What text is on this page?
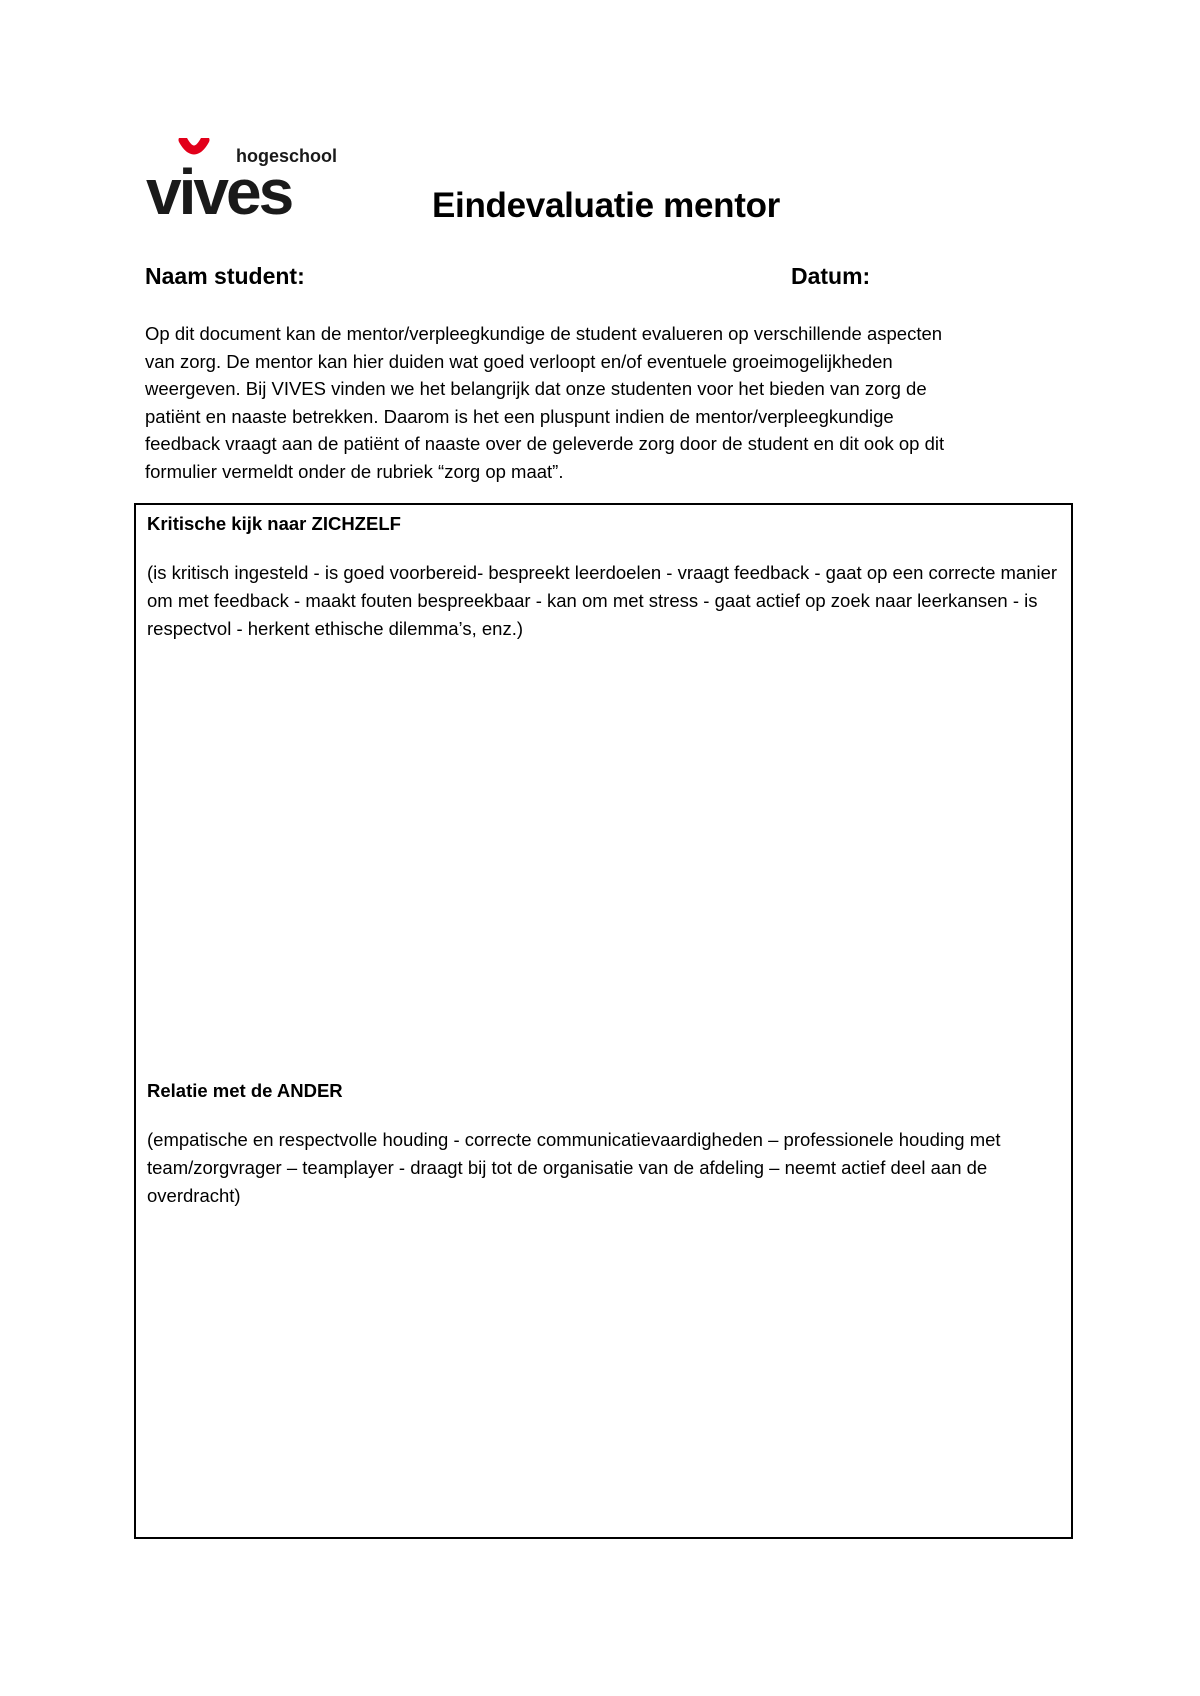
hogeschool
vives	Eindevaluatie mentor
Naam student:	Datum:
Op dit document kan de mentor/verpleegkundige de student evalueren op verschillende aspecten
van zorg. De mentor kan hier duiden wat goed verloopt en/of eventuele groeimogelijkheden
weergeven. Bij VIVES vinden we het belangrijk dat onze studenten voor het bieden van zorg de
patiënt en naaste betrekken. Daarom is het een pluspunt indien de mentor/verpleegkundige
feedback vraagt aan de patiënt of naaste over de geleverde zorg door de student en dit ook op dit
formulier vermeldt onder de rubriek “zorg op maat”.
Kritische kijk naar ZICHZELF
(is kritisch ingesteld - is goed voorbereid- bespreekt leerdoelen - vraagt feedback - gaat op een correcte manier
om met feedback - maakt fouten bespreekbaar - kan om met stress - gaat actief op zoek naar leerkansen - is
respectvol - herkent ethische dilemma’s, enz.)
Relatie met de ANDER
(empatische en respectvolle houding - correcte communicatievaardigheden – professionele houding met
team/zorgvrager – teamplayer - draagt bij tot de organisatie van de afdeling – neemt actief deel aan de
overdracht)
